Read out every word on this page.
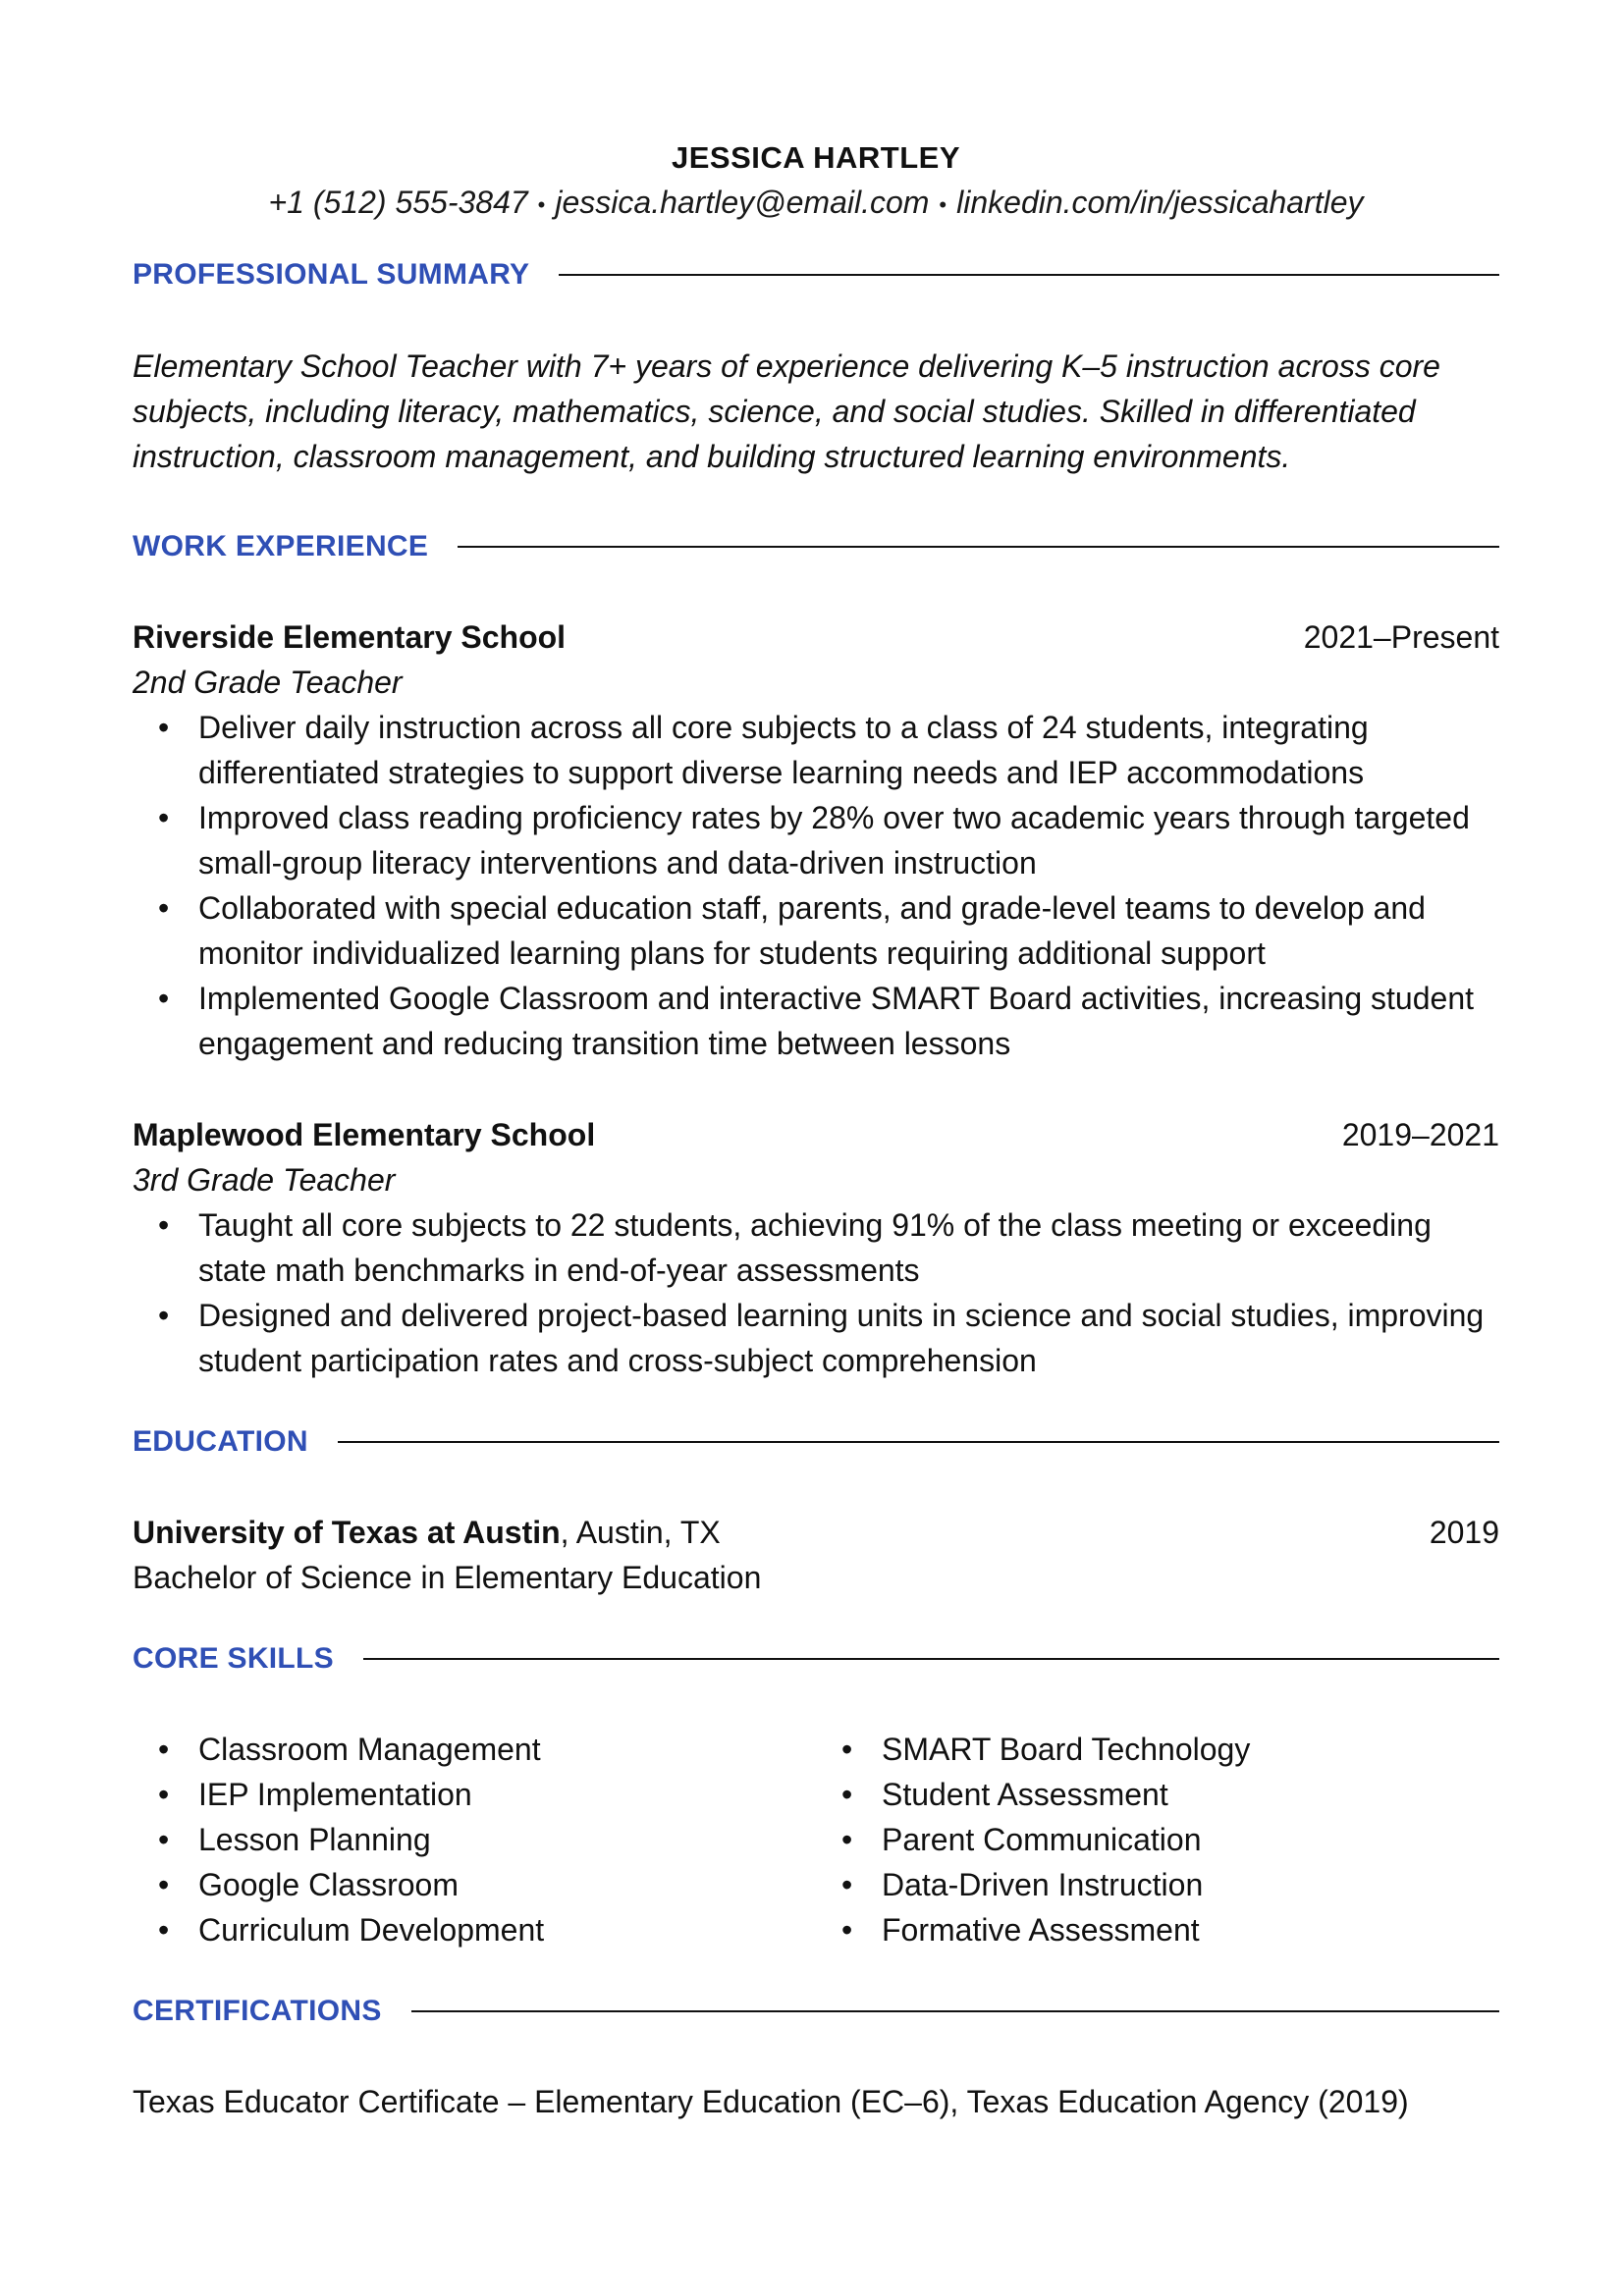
JESSICA HARTLEY
+1 (512) 555-3847 • jessica.hartley@email.com • linkedin.com/in/jessicahartley
PROFESSIONAL SUMMARY
Elementary School Teacher with 7+ years of experience delivering K–5 instruction across core
subjects, including literacy, mathematics, science, and social studies. Skilled in differentiated
instruction, classroom management, and building structured learning environments.
WORK EXPERIENCE
Riverside Elementary School	2021–Present
2nd Grade Teacher
• Deliver daily instruction across all core subjects to a class of 24 students, integrating
differentiated strategies to support diverse learning needs and IEP accommodations
• Improved class reading proficiency rates by 28% over two academic years through targeted
small-group literacy interventions and data-driven instruction
• Collaborated with special education staff, parents, and grade-level teams to develop and
monitor individualized learning plans for students requiring additional support
• Implemented Google Classroom and interactive SMART Board activities, increasing student
engagement and reducing transition time between lessons
Maplewood Elementary School	2019–2021
3rd Grade Teacher
• Taught all core subjects to 22 students, achieving 91% of the class meeting or exceeding
state math benchmarks in end-of-year assessments
• Designed and delivered project-based learning units in science and social studies, improving
student participation rates and cross-subject comprehension
EDUCATION
University of Texas at Austin, Austin, TX	2019
Bachelor of Science in Elementary Education
CORE SKILLS
• Classroom Management
• IEP Implementation
• Lesson Planning
• Google Classroom
• Curriculum Development
• SMART Board Technology
• Student Assessment
• Parent Communication
• Data-Driven Instruction
• Formative Assessment
CERTIFICATIONS
Texas Educator Certificate – Elementary Education (EC–6), Texas Education Agency (2019)
